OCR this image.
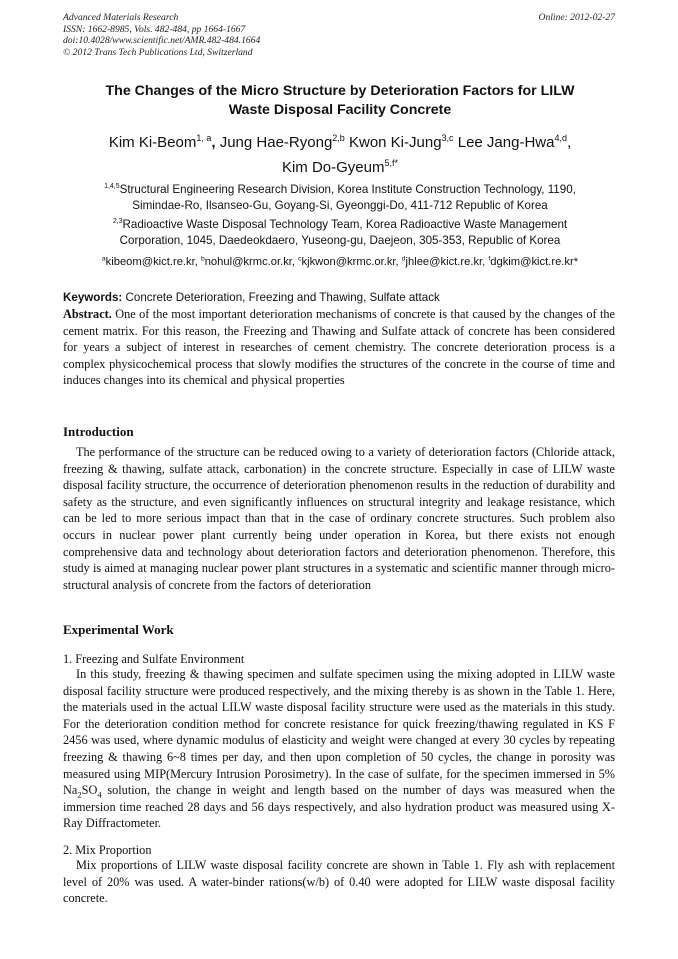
Advanced Materials Research
ISSN: 1662-8985, Vols. 482-484, pp 1664-1667
doi:10.4028/www.scientific.net/AMR.482-484.1664
© 2012 Trans Tech Publications Ltd, Switzerland
Online: 2012-02-27
The Changes of the Micro Structure by Deterioration Factors for LILW
Waste Disposal Facility Concrete
Kim Ki-Beom$^{1, a}$, Jung Hae-Ryong$^{2,b}$ Kwon Ki-Jung$^{3,c}$ Lee Jang-Hwa$^{4,d}$,
Kim Do-Gyeum$^{5,f*}$
$^{1,4,5}$Structural Engineering Research Division, Korea Institute Construction Technology, 1190,
Simindae-Ro, Ilsanseo-Gu, Goyang-Si, Gyeonggi-Do, 411-712 Republic of Korea
$^{2,3}$Radioactive Waste Disposal Technology Team, Korea Radioactive Waste Management
Corporation, 1045, Daedeokdaero, Yuseong-gu, Daejeon, 305-353, Republic of Korea
$^a$kibeom@kict.re.kr, $^b$nohul@krmc.or.kr, $^c$kjkwon@krmc.or.kr, $^d$jhlee@kict.re.kr, $^f$dgkim@kict.re.kr*
Keywords: Concrete Deterioration, Freezing and Thawing, Sulfate attack

Abstract. One of the most important deterioration mechanisms of concrete is that caused by the changes of the cement matrix. For this reason, the Freezing and Thawing and Sulfate attack of concrete has been considered for years a subject of interest in researches of cement chemistry. The concrete deterioration process is a complex physicochemical process that slowly modifies the structures of the concrete in the course of time and induces changes into its chemical and physical properties

Introduction

The performance of the structure can be reduced owing to a variety of deterioration factors (Chloride attack, freezing & thawing, sulfate attack, carbonation) in the concrete structure. Especially in case of LILW waste disposal facility structure, the occurrence of deterioration phenomenon results in the reduction of durability and safety as the structure, and even significantly influences on structural integrity and leakage resistance, which can be led to more serious impact than that in the case of ordinary concrete structures. Such problem also occurs in nuclear power plant currently being under operation in Korea, but there exists not enough comprehensive data and technology about deterioration factors and deterioration phenomenon. Therefore, this study is aimed at managing nuclear power plant structures in a systematic and scientific manner through micro-structural analysis of concrete from the factors of deterioration

Experimental Work
1. Freezing and Sulfate Environment

In this study, freezing & thawing specimen and sulfate specimen using the mixing adopted in LILW waste disposal facility structure were produced respectively, and the mixing thereby is as shown in the Table 1. Here, the materials used in the actual LILW waste disposal facility structure were used as the materials in this study. For the deterioration condition method for concrete resistance for quick freezing/thawing regulated in KS F 2456 was used, where dynamic modulus of elasticity and weight were changed at every 30 cycles by repeating freezing & thawing 6~8 times per day, and then upon completion of 50 cycles, the change in porosity was measured using MIP(Mercury Intrusion Porosimetry). In the case of sulfate, for the specimen immersed in 5% $Na_2SO_4$ solution, the change in weight and length based on the number of days was measured when the immersion time reached 28 days and 56 days respectively, and also hydration product was measured using X-Ray Diffractometer.

2. Mix Proportion

Mix proportions of LILW waste disposal facility concrete are shown in Table 1. Fly ash with replacement level of 20% was used. A water-binder rations(w/b) of 0.40 were adopted for LILW waste disposal facility concrete.
